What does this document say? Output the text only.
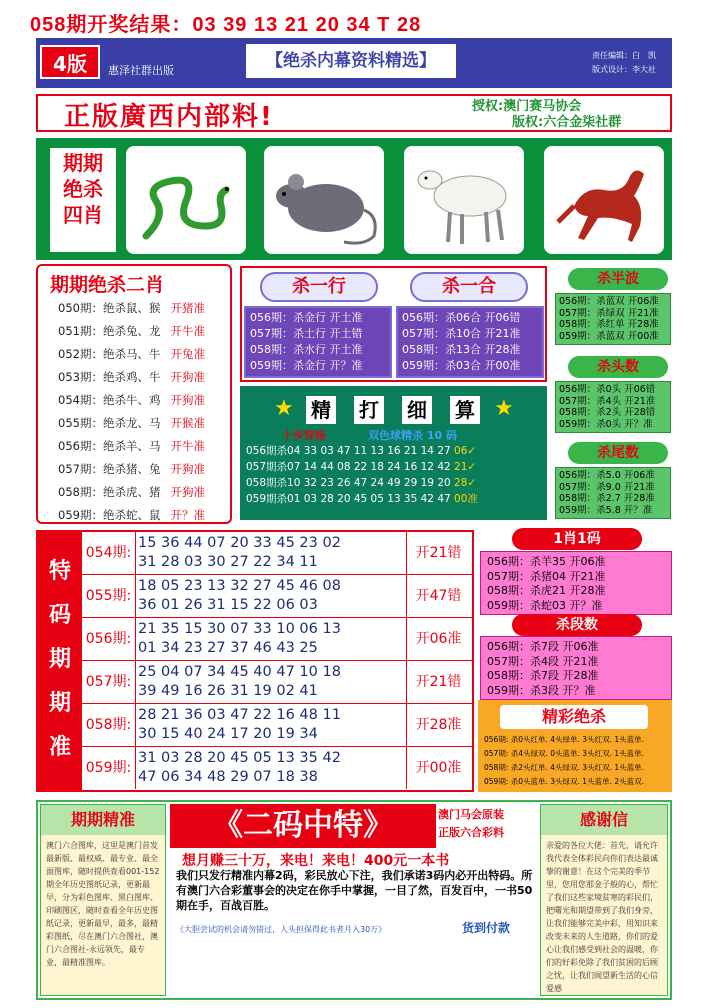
058期开奖结果：03 39 13 21 20 34 T 28
4版	惠泽社群出版	【绝杀内幕资料精选】	责任编辑：白　凯
版式设计：李大社
正版廣西内部料!	授权:澳门赛马协会
版权:六合金柒社群
期期
绝杀
四肖
期期绝杀二肖
050期：绝杀鼠、猴 开猪准
051期：绝杀兔、龙 开牛准
052期：绝杀马、牛 开兔准
053期：绝杀鸡、牛 开狗准
054期：绝杀牛、鸡 开狗准
055期：绝杀龙、马 开猴准
056期：绝杀羊、马 开牛准
057期：绝杀猪、兔 开狗准
058期：绝杀虎、猪 开狗准
059期：绝杀蛇、鼠 开？准
杀一行	杀一合
056期：杀金行 开土准
057期：杀土行 开土错
058期：杀水行 开土准
059期：杀金行 开？准
056期：杀06合 开06错
057期：杀10合 开21准
058期：杀13合 开28准
059期：杀03合 开00准
★	★
精 打 细 算
十步穿杨	双色球精杀 10 码
056期杀04 33 03 47 11 13 16 21 14 27 06✓
057期杀07 14 44 08 22 18 24 16 12 42 21✓
058期杀10 32 23 26 47 24 49 29 19 20 28✓
059期杀01 03 28 20 45 05 13 35 42 47 00准
杀半波
056期：杀蓝双 开06准
057期：杀绿双 开21准
058期：杀红单 开28准
059期：杀蓝双 开00准
杀头数
056期：杀0头 开06错
057期：杀4头 开21准
058期：杀2头 开28错
059期：杀0头 开？准
杀尾数
056期：杀5.0 开06准
057期：杀9.0 开21准
058期：杀2.7 开28准
059期：杀5.8 开？准
特
码
期
期
准
054期:
15 36 44 07 20 33 45 23 02
31 28 03 30 27 22 34 11
开21错
055期:
18 05 23 13 32 27 45 46 08
36 01 26 31 15 22 06 03
开47错
056期:
21 35 15 30 07 33 10 06 13
01 34 23 27 37 46 43 25
开06准
057期:
25 04 07 34 45 40 47 10 18
39 49 16 26 31 19 02 41
开21错
058期:
28 21 36 03 47 22 16 48 11
30 15 40 24 17 20 19 34
开28准
059期:
31 03 28 20 45 05 13 35 42
47 06 34 48 29 07 18 38
开00准
1肖1码
056期：杀羊35 开06准
057期：杀猪04 开21准
058期：杀虎21 开28准
059期：杀蛇03 开？准
杀段数
056期：杀7段 开06准
057期：杀4段 开21准
058期：杀7段 开28准
059期：杀3段 开？准
精彩绝杀
056期: 杀0头红单. 4头绿单. 3头红双. 1头蓝单.
057期: 杀4头绿双. 0头蓝单. 3头红双. 1头蓝单.
058期: 杀2头红单. 4头绿双. 3头红双. 1头蓝单.
059期: 杀0头蓝单. 3头绿双. 1头蓝单. 2头蓝双.
期期精准
澳门六合图库，这里是澳门首发最新版、最权威、最专业、最全面图库，随时提供查看001-152期全年历史图纸记录，更新最早，分为彩色图库、黑白图库、印刷图区，随时查看全年历史图纸记录，更新最早，最多，最精彩图纸，尽在澳门六合图社，澳门六合图社-永远领先，最专业，最精准图库。
《二码中特》	澳门马会原装
正版六合彩料
想月赚三十万，来电！来电！400元一本书
我们只发行精准内幕2码，彩民放心下注，我们承诺3码内必开出特码。所有澳门六合彩董事会的决定在你手中掌握，一目了然，百发百中，一书50期在手，百战百胜。
《大胆尝试的机会请勿错过，人头担保得此书者月入30万》	货到付款
感谢信
亲爱的各位大佬：首先，请允许我代表全体彩民向你们表达最诚挚的谢意！在这个完美的季节里，您用您那金子般的心，帮忙了我们这些家境贫寒的彩民们，把曙光和期望带到了我们身旁，让我们能够完美中彩，用知识来改变未来的人生道路，你们的爱心让我们感受到社会的温暖，你们的好彩免除了我们贫困的后顾之忧，让我们闹望新生活的心信爱感
